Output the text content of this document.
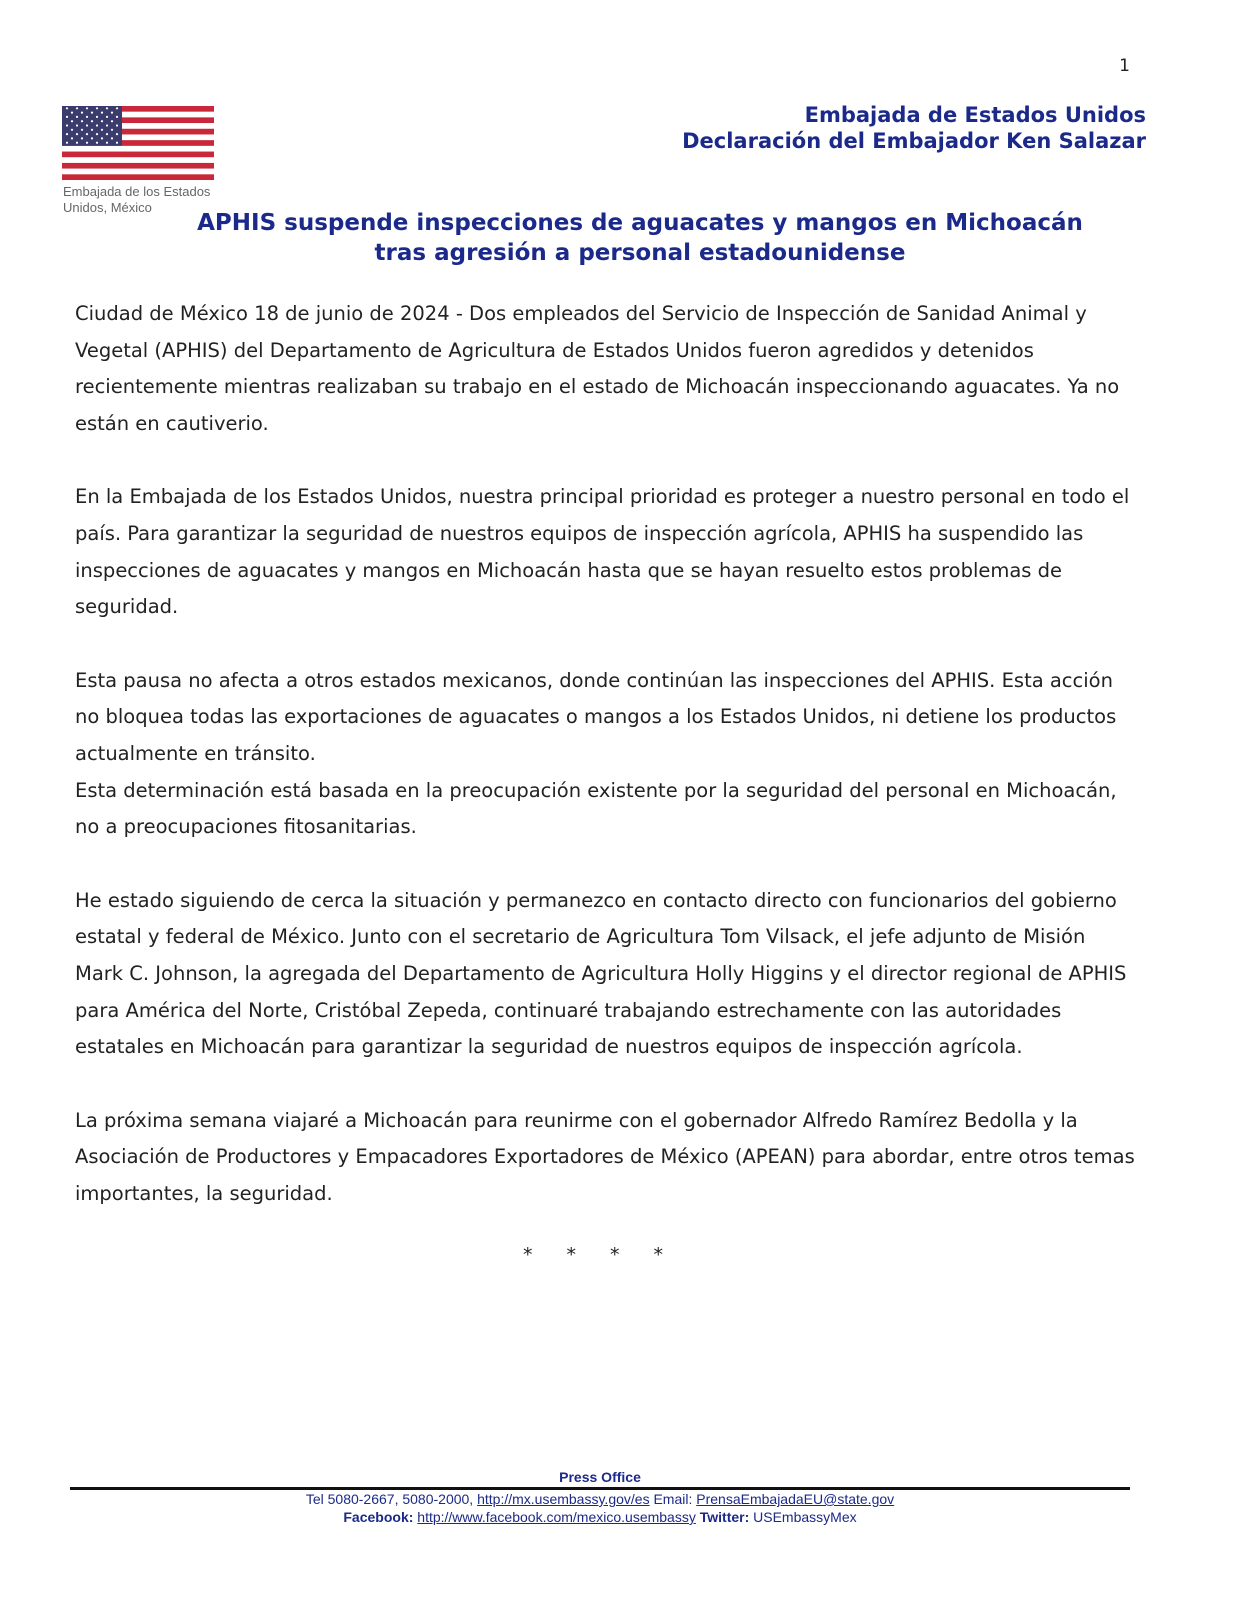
1
Embajada de los Estados
Unidos, México
Embajada de Estados Unidos
Declaración del Embajador Ken Salazar
APHIS suspende inspecciones de aguacates y mangos en Michoacán
tras agresión a personal estadounidense

Ciudad de México 18 de junio de 2024 - Dos empleados del Servicio de Inspección de Sanidad Animal y Vegetal (APHIS) del Departamento de Agricultura de Estados Unidos fueron agredidos y detenidos recientemente mientras realizaban su trabajo en el estado de Michoacán inspeccionando aguacates. Ya no están en cautiverio.

En la Embajada de los Estados Unidos, nuestra principal prioridad es proteger a nuestro personal en todo el país. Para garantizar la seguridad de nuestros equipos de inspección agrícola, APHIS ha suspendido las inspecciones de aguacates y mangos en Michoacán hasta que se hayan resuelto estos problemas de seguridad.

Esta pausa no afecta a otros estados mexicanos, donde continúan las inspecciones del APHIS. Esta acción no bloquea todas las exportaciones de aguacates o mangos a los Estados Unidos, ni detiene los productos actualmente en tránsito.

Esta determinación está basada en la preocupación existente por la seguridad del personal en Michoacán, no a preocupaciones fitosanitarias.

He estado siguiendo de cerca la situación y permanezco en contacto directo con funcionarios del gobierno estatal y federal de México. Junto con el secretario de Agricultura Tom Vilsack, el jefe adjunto de Misión Mark C. Johnson, la agregada del Departamento de Agricultura Holly Higgins y el director regional de APHIS para América del Norte, Cristóbal Zepeda, continuaré trabajando estrechamente con las autoridades estatales en Michoacán para garantizar la seguridad de nuestros equipos de inspección agrícola.

La próxima semana viajaré a Michoacán para reunirme con el gobernador Alfredo Ramírez Bedolla y la Asociación de Productores y Empacadores Exportadores de México (APEAN) para abordar, entre otros temas importantes, la seguridad.

* * * *
Press Office
Tel 5080-2667, 5080-2000, http://mx.usembassy.gov/es Email: PrensaEmbajadaEU@state.gov
Facebook: http://www.facebook.com/mexico.usembassy Twitter: USEmbassyMex
